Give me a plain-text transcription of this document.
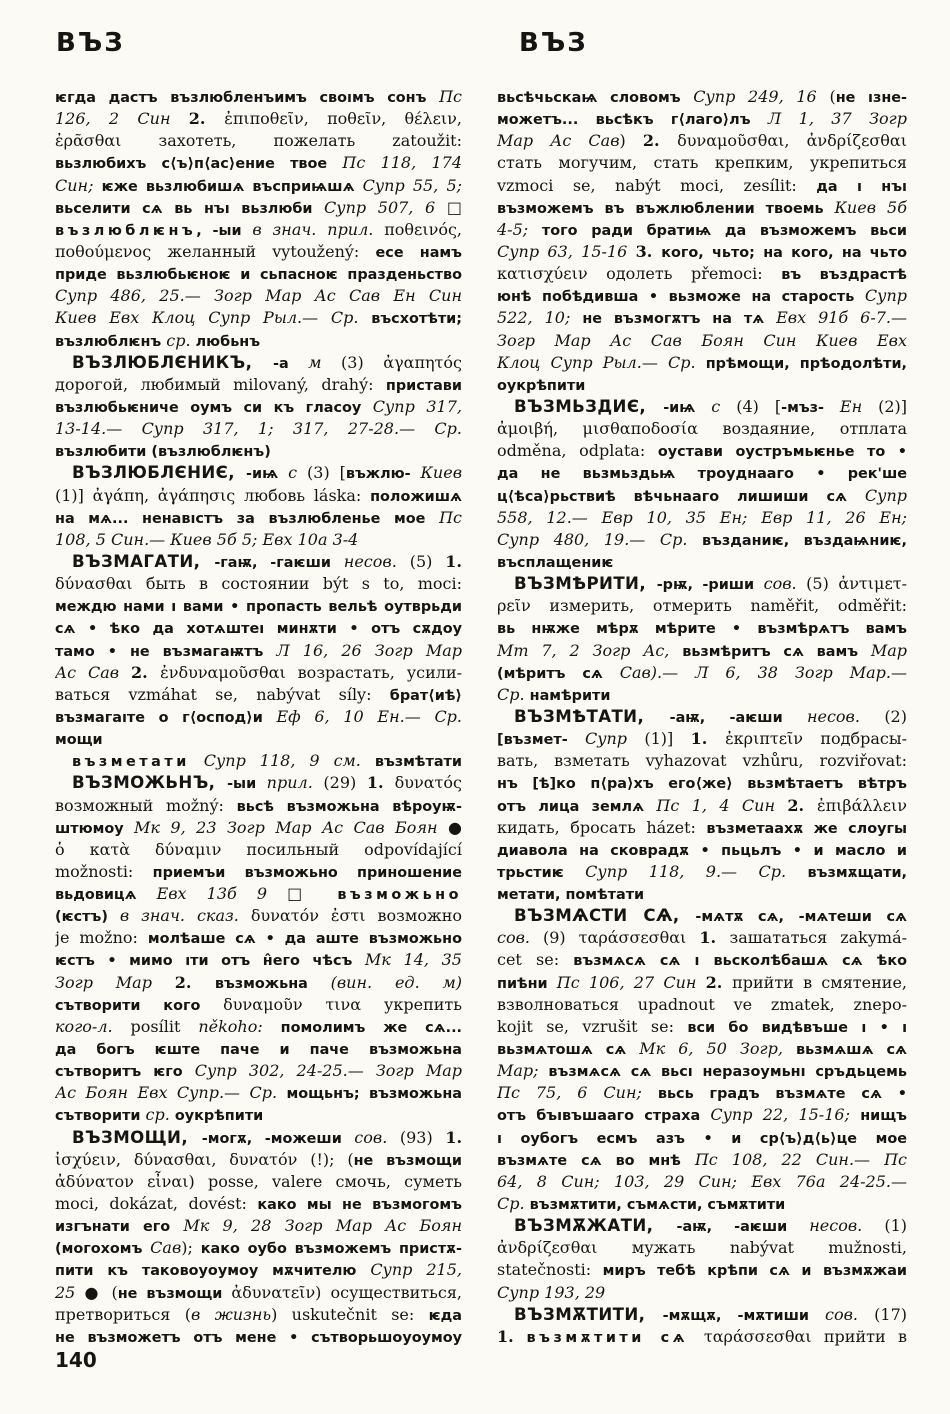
ВЪЗ	ВЪЗ
ѥгда дастъ възлюбленъимъ своıмъ сонъ Пс
126, 2 Син 2. ἐπιποθεῖν, ποθεῖν, θέλειν,
ἐρᾶσθαι захотеть, пожелать zatoužit:
вьзлюбихъ с⟨ъ⟩п⟨ас⟩ение твое Пс 118, 174
Син; ѥже вьзлюбишѧ въсприѩшѧ Супр 55, 5;
вьселити сѧ вь нъı вьзлюби Супр 507, 6 □
възлюблѥнъ, -ыи в знач. прил. ποθεινός,
ποθούμενος желанный vytoužený: есе намъ
приде вьзлюбьѥноѥ и сьпасноѥ празденьство
Супр 486, 25.— Зогр Мар Ас Сав Ен Син
Киев Евх Клоц Супр Рыл.— Ср. въсхотѣти;
възлюблѥнъ ср. любьнъ
ВЪЗЛЮБЛЄНИКЪ, -а м (3) ἀγαπητός
дорогой, любимый milovaný, drahý: пристави
възлюбьѥниче оумъ си къ гласоу Супр 317,
13-14.— Супр 317, 1; 317, 27-28.— Ср.
възлюбити (възлюблѥнъ)
ВЪЗЛЮБЛЄНИЄ, -иѩ с (3) [въжлю- Киев
(1)] ἀγάπη, ἀγάπησις любовь láska: положишѧ
на мѧ... ненавıстъ за възлюбленье мое Пс
108, 5 Син.— Киев 5б 5; Евх 10а 3-4
ВЪЗМАГАТИ, -гаѭ, -гаѥши несов. (5) 1.
δύνασθαι быть в состоянии být s to, moci:
междю нами ı вами • пропасть вельѣ оутврьди
сѧ • ѣко да хотѧштеı минѫти • отъ сѫдоу
тамо • не възмагаѭтъ Л 16, 26 Зогр Мар
Ас Сав 2. ἐνδυναμοῦσθαι возрастать, усили-
ваться vzmáhat se, nabývat síly: брат⟨иѣ⟩
възмагаıте о г⟨оспод⟩и Еф 6, 10 Ен.— Ср.
мощи
възметати Супр 118, 9 см. възмѣтати
ВЪЗМОЖЬНЪ, -ыи прил. (29) 1. δυνατός
возможный možný: вьсѣ възможьна вѣроуѭ-
штюмоу Мк 9, 23 Зогр Мар Ас Сав Боян ●
ὁ κατὰ δύναμιν посильный odpovídající
možnosti: приемъи възможьно приношение
вьдовицѧ Евх 13б 9 □ възможьно
(ѥстъ) в знач. сказ. δυνατόν ἐστι возможно
je možno: молѣаше сѧ • да аште възможьно
ѥстъ • мимо ıти отъ н̂его чѣсъ Мк 14, 35
Зогр Мар 2. възможьна (вин. ед. м)
сътворити кого δυναμοῦν τινα укрепить
кого-л. posílit někoho: помолимъ же сѧ...
да богъ ѥште паче и паче възможьна
сътворитъ ѥго Супр 302, 24-25.— Зогр Мар
Ас Боян Евх Супр.— Ср. мощьнъ; възможьна
сътворити ср. оукрѣпити
ВЪЗМОЩИ, -могѫ, -можеши сов. (93) 1.
ἰσχύειν, δύνασθαι, δυνατόν (!); (не възмощи
ἀδύνατον εἶναι) posse, valere смочь, суметь
moci, dokázat, dovést: како мы не възмогомъ
изгънати его Мк 9, 28 Зогр Мар Ас Боян
(могохомъ Сав); како оубо възможемъ пристѫ-
пити къ таковоуоумоу мѫчителю Супр 215,
25 ● (не възмощи ἀδυνατεῖν) осуществиться,
претвориться (в жизнь) uskutečnit se: ѥда
не възможетъ отъ мене • сътворьшоуоумоу
вьсѣчьскаѩ словомъ Супр 249, 16 (не ıзне-
можетъ... вьсѣкъ г⟨лаго⟩лъ Л 1, 37 Зогр
Мар Ас Сав) 2. δυναμοῦσθαι, ἀνδρίζεσθαι
стать могучим, стать крепким, укрепиться
vzmoci se, nabýt moci, zesílit: да ı нъı
възможемъ въ въжлюблении твоемь Киев 5б
4-5; того ради братиѩ да възможемъ вьси
Супр 63, 15-16 3. кого, чьто; на кого, на чьто
κατισχύειν одолеть přemoci: въ въздрастѣ
юнѣ побѣдивша • вьзможе на старость Супр
522, 10; не възмогѫтъ на тѧ Евх 91б 6-7.—
Зогр Мар Ас Сав Боян Син Киев Евх
Клоц Супр Рыл.— Ср. прѣмощи, прѣодолѣти,
оукрѣпити
ВЪЗМЬЗДИЄ, -иѩ с (4) [-мъз- Ен (2)]
ἀμοιβή, μισθαποδοσία воздаяние, отплата
odměna, odplata: оустави оустръмьѥнье то •
да не вьзмьздьѩ троуднааго • рек'ше
ц⟨ѣса⟩рьствиѣ вѣчьнааго лишиши сѧ Супр
558, 12.— Евр 10, 35 Ен; Евр 11, 26 Ен;
Супр 480, 19.— Ср. възданиѥ, въздаѩниѥ,
въсплащениѥ
ВЪЗМѢРИТИ, -рѭ, -риши сов. (5) ἀντιμετ-
ρεῖν измерить, отмерить naměřit, odměřit:
вь нѭже мѣрѫ мѣрите • възмѣрѧтъ вамъ
Мт 7, 2 Зогр Ас, вьзмѣритъ сѧ вамъ Мар
(мѣритъ сѧ Сав).— Л 6, 38 Зогр Мар.—
Ср. намѣрити
ВЪЗМѢТАТИ, -аѭ, -аѥши несов. (2)
[възмет- Супр (1)] 1. ἐκριπτεῖν подбрасы-
вать, взметать vyhazovat vzhůru, rozviřovat:
нъ [ѣ]ко п⟨ра⟩хъ его⟨же⟩ вьзмѣтаетъ вѣтръ
отъ лица землѧ Пс 1, 4 Син 2. ἐπιβάλλειν
кидать, бросать házet: възметаахѫ же слоугы
диавола на сковрадѫ • пьцьлъ • и масло и
трьстиѥ Супр 118, 9.— Ср. възмѫщати,
метати, помѣтати
ВЪЗМѦСТИ СѦ, -мѧтѫ сѧ, -мѧтеши сѧ
сов. (9) ταράσσεσθαι 1. зашататься zakymá-
cet se: възмѧсѧ сѧ ı вьсколѣбашѧ сѧ ѣко
пиѣни Пс 106, 27 Син 2. прийти в смятение,
взволноваться upadnout ve zmatek, znepo-
kojit se, vzrušit se: вси бо видѣвъше ı • ı
вьзмѧтошѧ сѧ Мк 6, 50 Зогр, вьзмѧшѧ сѧ
Мар; възмѧсѧ сѧ вьсı неразоумьнı сръдьцемь
Пс 75, 6 Син; вьсь градъ възмѧте сѧ •
отъ бъıвъшааго страха Супр 22, 15-16; нищъ
ı оубогъ есмъ азъ • и ср⟨ъ⟩д⟨ь⟩це мое
възмѧте сѧ во мнѣ Пс 108, 22 Син.— Пс
64, 8 Син; 103, 29 Син; Евх 76а 24-25.—
Ср. възмѫтити, съмѧсти, съмѫтити
ВЪЗМѪЖАТИ, -аѭ, -аѥши несов. (1)
ἀνδρίζεσθαι мужать nabývat mužnosti,
statečnosti: миръ тебѣ крѣпи сѧ и възмѫжаи
Супр 193, 29
ВЪЗМѪТИТИ, -мѫщѫ, -мѫтиши сов. (17)
1. възмѫтити сѧ ταράσσεσθαι прийти в
140
